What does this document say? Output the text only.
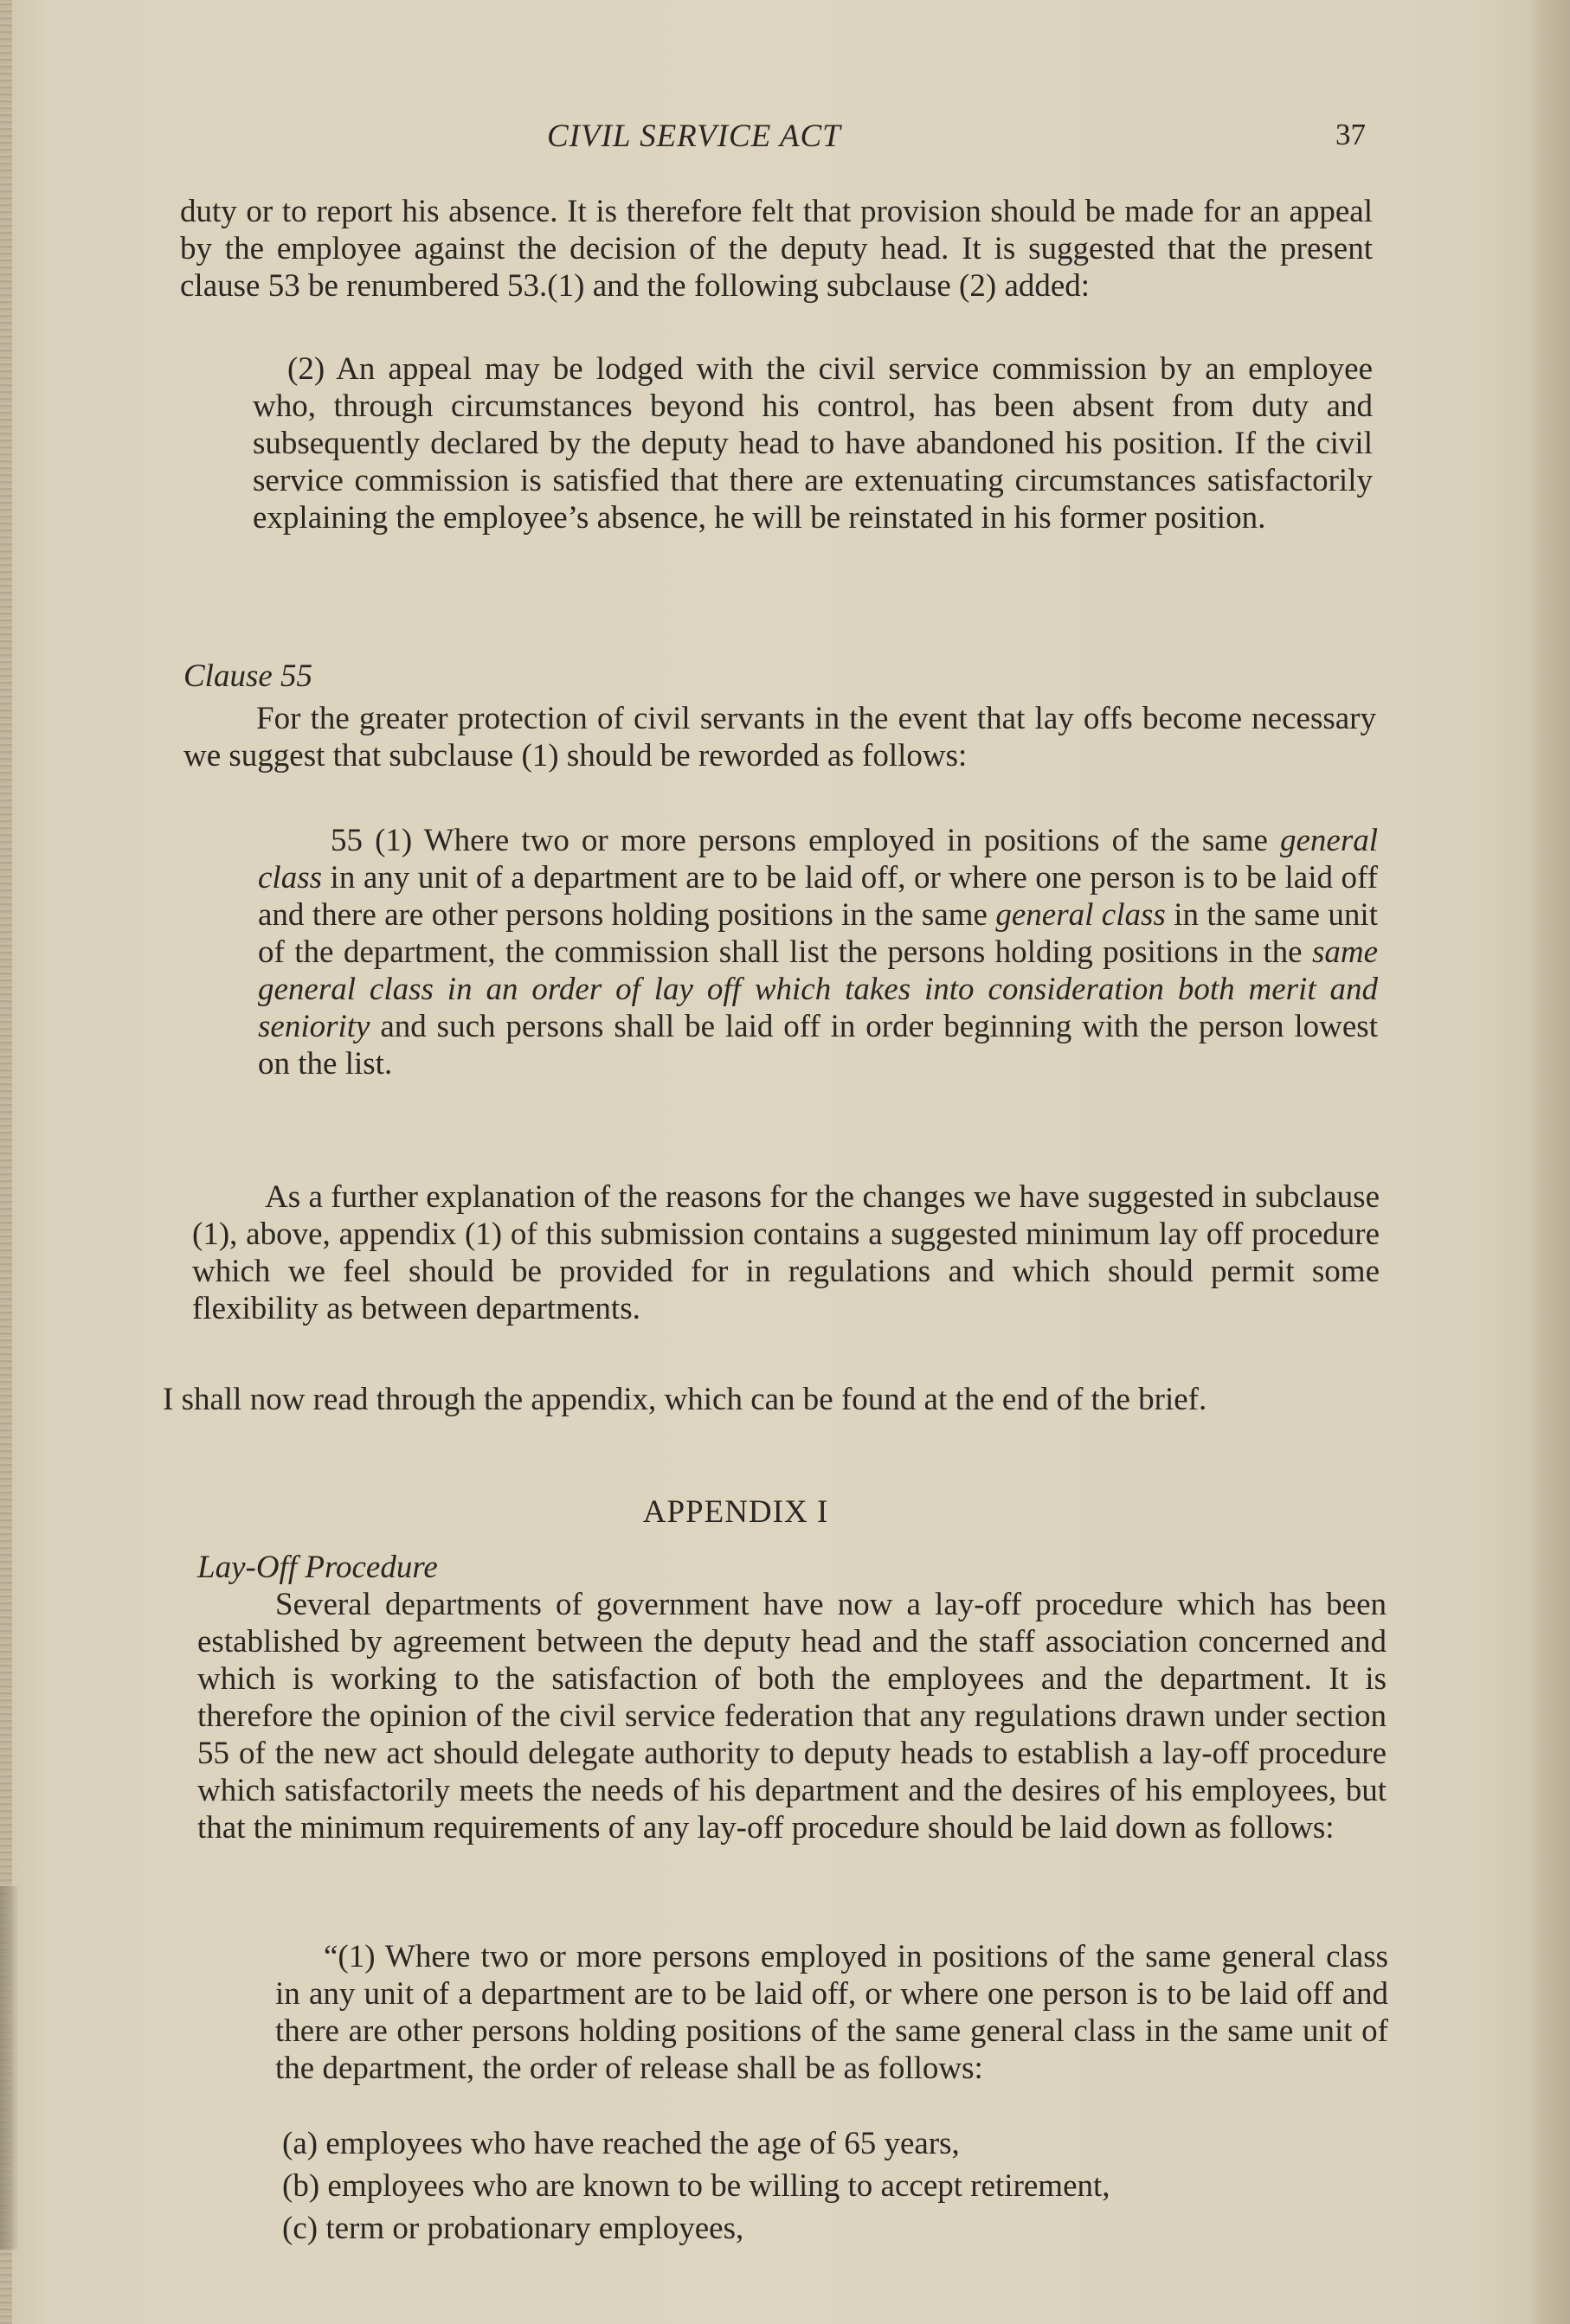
CIVIL SERVICE ACT	37

duty or to report his absence. It is therefore felt that provision should be made for an appeal by the employee against the decision of the deputy head. It is suggested that the present clause 53 be renumbered 53.(1) and the following subclause (2) added:

(2) An appeal may be lodged with the civil service commission by an employee who, through circumstances beyond his control, has been absent from duty and subsequently declared by the deputy head to have abandoned his position. If the civil service commission is satisfied that there are extenuating circumstances satisfactorily explaining the employee’s absence, he will be reinstated in his former position.

Clause 55

For the greater protection of civil servants in the event that lay offs become necessary we suggest that subclause (1) should be reworded as follows:

55 (1) Where two or more persons employed in positions of the same general class in any unit of a department are to be laid off, or where one person is to be laid off and there are other persons holding positions in the same general class in the same unit of the department, the commission shall list the persons holding positions in the same general class in an order of lay off which takes into consideration both merit and seniority and such persons shall be laid off in order beginning with the person lowest on the list.

As a further explanation of the reasons for the changes we have suggested in subclause (1), above, appendix (1) of this submission contains a suggested minimum lay off procedure which we feel should be provided for in regulations and which should permit some flexibility as between departments.

I shall now read through the appendix, which can be found at the end of the brief.

APPENDIX I

Lay-Off Procedure

Several departments of government have now a lay-off procedure which has been established by agreement between the deputy head and the staff association concerned and which is working to the satisfaction of both the employees and the department. It is therefore the opinion of the civil service federation that any regulations drawn under section 55 of the new act should delegate authority to deputy heads to establish a lay-off procedure which satisfactorily meets the needs of his department and the desires of his employees, but that the minimum requirements of any lay-off procedure should be laid down as follows:

“(1) Where two or more persons employed in positions of the same general class in any unit of a department are to be laid off, or where one person is to be laid off and there are other persons holding positions of the same general class in the same unit of the department, the order of release shall be as follows:

(a) employees who have reached the age of 65 years,

(b) employees who are known to be willing to accept retirement,

(c) term or probationary employees,
